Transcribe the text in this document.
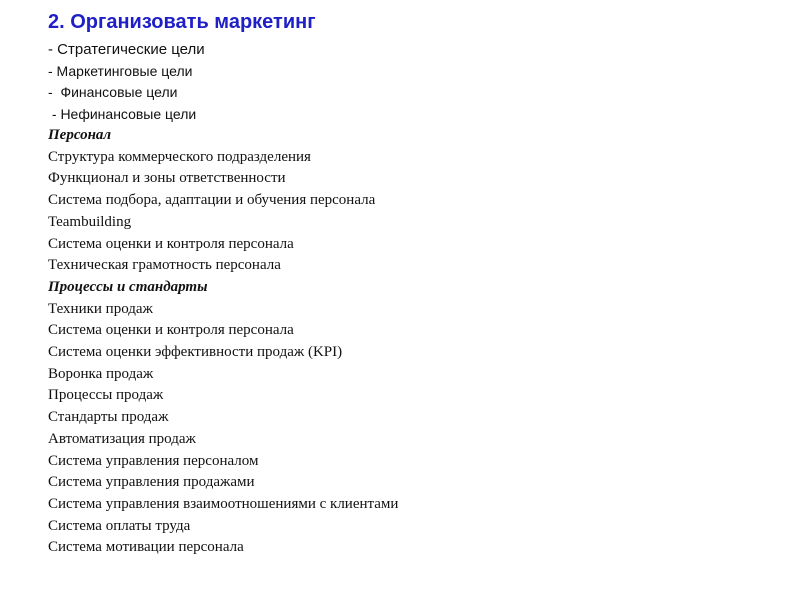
2. Организовать маркетинг
- Стратегические цели
- Маркетинговые цели
-  Финансовые цели
- Нефинансовые цели
Персонал
Структура коммерческого подразделения
Функционал и зоны ответственности
Система подбора, адаптации и обучения персонала
Teambuilding
Система оценки и контроля персонала
Техническая грамотность персонала
Процессы и стандарты
Техники продаж
Система оценки и контроля персонала
Система оценки эффективности продаж (KPI)
Воронка продаж
Процессы продаж
Стандарты продаж
Автоматизация продаж
Система управления персоналом
Система управления продажами
Система управления взаимоотношениями с клиентами
Система оплаты труда
Система мотивации персонала
